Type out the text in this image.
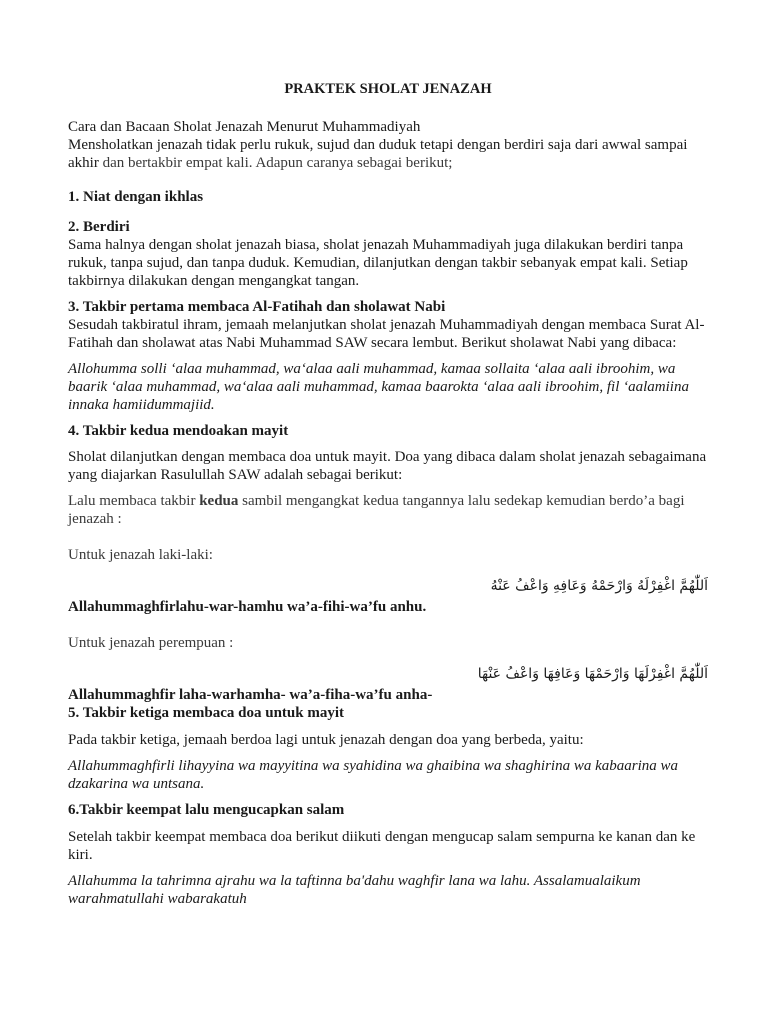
PRAKTEK SHOLAT JENAZAH

Cara dan Bacaan Sholat Jenazah Menurut Muhammadiyah

Mensholatkan jenazah tidak perlu rukuk, sujud dan duduk tetapi dengan berdiri saja dari awwal sampai akhir dan bertakbir empat kali. Adapun caranya sebagai berikut;

1. Niat dengan ikhlas

2. Berdiri

Sama halnya dengan sholat jenazah biasa, sholat jenazah Muhammadiyah juga dilakukan berdiri tanpa rukuk, tanpa sujud, dan tanpa duduk. Kemudian, dilanjutkan dengan takbir sebanyak empat kali. Setiap takbirnya dilakukan dengan mengangkat tangan.

3. Takbir pertama membaca Al-Fatihah dan sholawat Nabi

Sesudah takbiratul ihram, jemaah melanjutkan sholat jenazah Muhammadiyah dengan membaca Surat Al-Fatihah dan sholawat atas Nabi Muhammad SAW secara lembut. Berikut sholawat Nabi yang dibaca:

Allohumma solli ‘alaa muhammad, wa‘alaa aali muhammad, kamaa sollaita ‘alaa aali ibroohim, wa baarik ‘alaa muhammad, wa‘alaa aali muhammad, kamaa baarokta ‘alaa aali ibroohim, fil ‘aalamiina innaka hamiidummajiid.

4. Takbir kedua mendoakan mayit

Sholat dilanjutkan dengan membaca doa untuk mayit. Doa yang dibaca dalam sholat jenazah sebagaimana yang diajarkan Rasulullah SAW adalah sebagai berikut:

Lalu membaca takbir kedua sambil mengangkat kedua tangannya lalu sedekap kemudian berdo’a bagi jenazah :

Untuk jenazah laki-laki:

اَللّٰهُمَّ اغْفِرْلَهُ وَارْحَمْهُ وَعَافِهِ وَاعْفُ عَنْهُ

Allahummaghfirlahu-war-hamhu wa’a-fihi-wa’fu anhu.

Untuk jenazah perempuan :

اَللّٰهُمَّ اغْفِرْلَهَا وَارْحَمْهَا وَعَافِهَا وَاعْفُ عَنْهَا

Allahummaghfir laha-warhamha- wa’a-fiha-wa’fu anha-

5. Takbir ketiga membaca doa untuk mayit

Pada takbir ketiga, jemaah berdoa lagi untuk jenazah dengan doa yang berbeda, yaitu:

Allahummaghfirli lihayyina wa mayyitina wa syahidina wa ghaibina wa shaghirina wa kabaarina wa dzakarina wa untsana.

6.Takbir keempat lalu mengucapkan salam

Setelah takbir keempat membaca doa berikut diikuti dengan mengucap salam sempurna ke kanan dan ke kiri.

Allahumma la tahrimna ajrahu wa la taftinna ba'dahu waghfir lana wa lahu. Assalamualaikum warahmatullahi wabarakatuh
